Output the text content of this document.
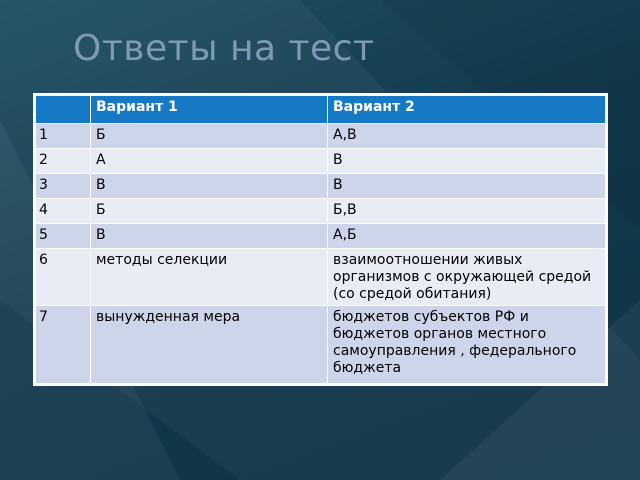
Ответы на тест
	Вариант 1	Вариант 2
1	Б	А,В
2	А	В
3	В	В
4	Б	Б,В
5	В	А,Б
6	методы селекции	взаимоотношении живых организмов с окружающей средой (со средой обитания)
7	вынужденная мера	бюджетов субъектов РФ и бюджетов органов местного самоуправления , федерального бюджета
